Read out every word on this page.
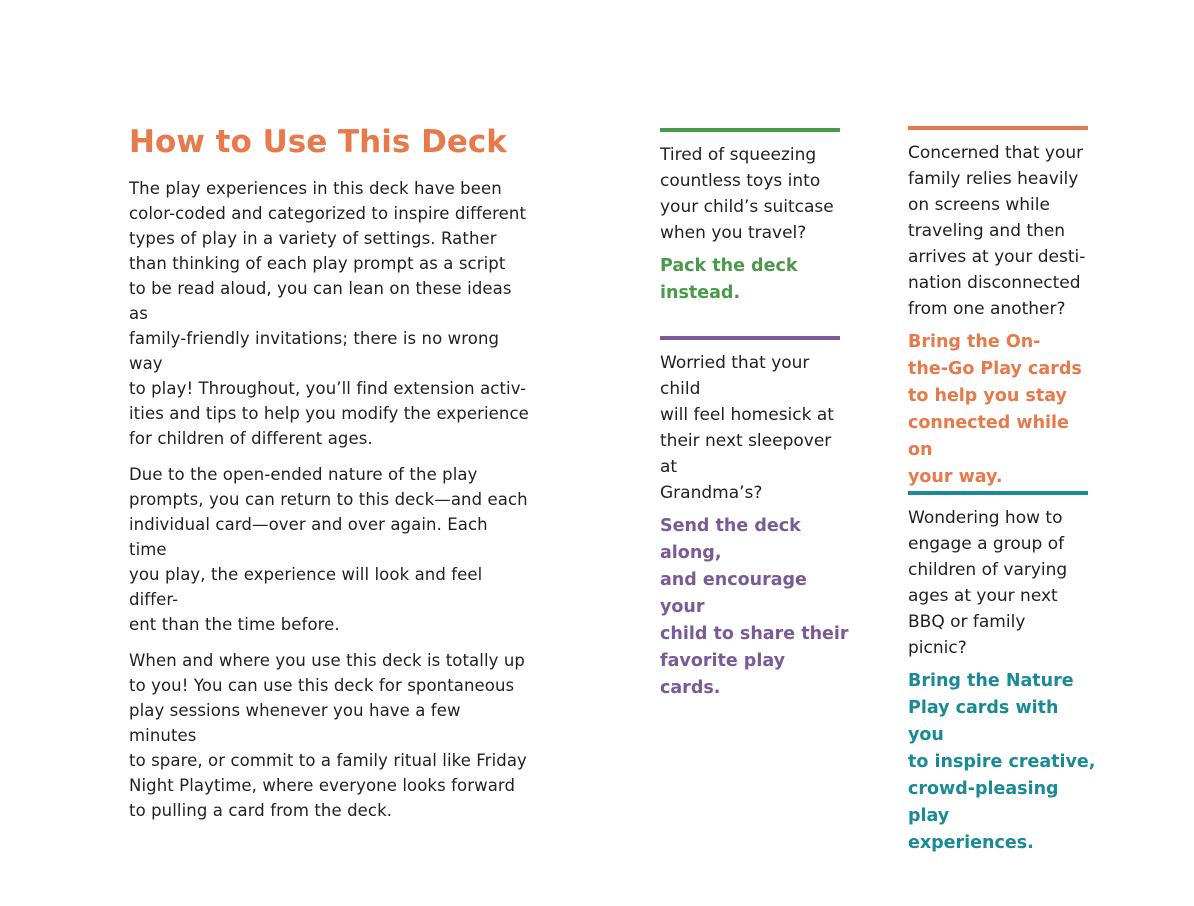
How to Use This Deck

The play experiences in this deck have been
color-coded and categorized to inspire different
types of play in a variety of settings. Rather
than thinking of each play prompt as a script
to be read aloud, you can lean on these ideas as
family-friendly invitations; there is no wrong way
to play! Throughout, you’ll find extension activ-
ities and tips to help you modify the experience
for children of different ages.

Due to the open-ended nature of the play
prompts, you can return to this deck—and each
individual card—over and over again. Each time
you play, the experience will look and feel differ-
ent than the time before.

When and where you use this deck is totally up
to you! You can use this deck for spontaneous
play sessions whenever you have a few minutes
to spare, or commit to a family ritual like Friday
Night Playtime, where everyone looks forward
to pulling a card from the deck.

Tired of squeezing
countless toys into
your child’s suitcase
when you travel?

Pack the deck
instead.

Worried that your child
will feel homesick at
their next sleepover at
Grandma’s?

Send the deck along,
and encourage your
child to share their
favorite play cards.

Concerned that your
family relies heavily
on screens while
traveling and then
arrives at your desti-
nation disconnected
from one another?

Bring the On-
the-Go Play cards
to help you stay
connected while on
your way.

Wondering how to
engage a group of
children of varying
ages at your next
BBQ or family
picnic?

Bring the Nature
Play cards with you
to inspire creative,
crowd-pleasing play
experiences.
